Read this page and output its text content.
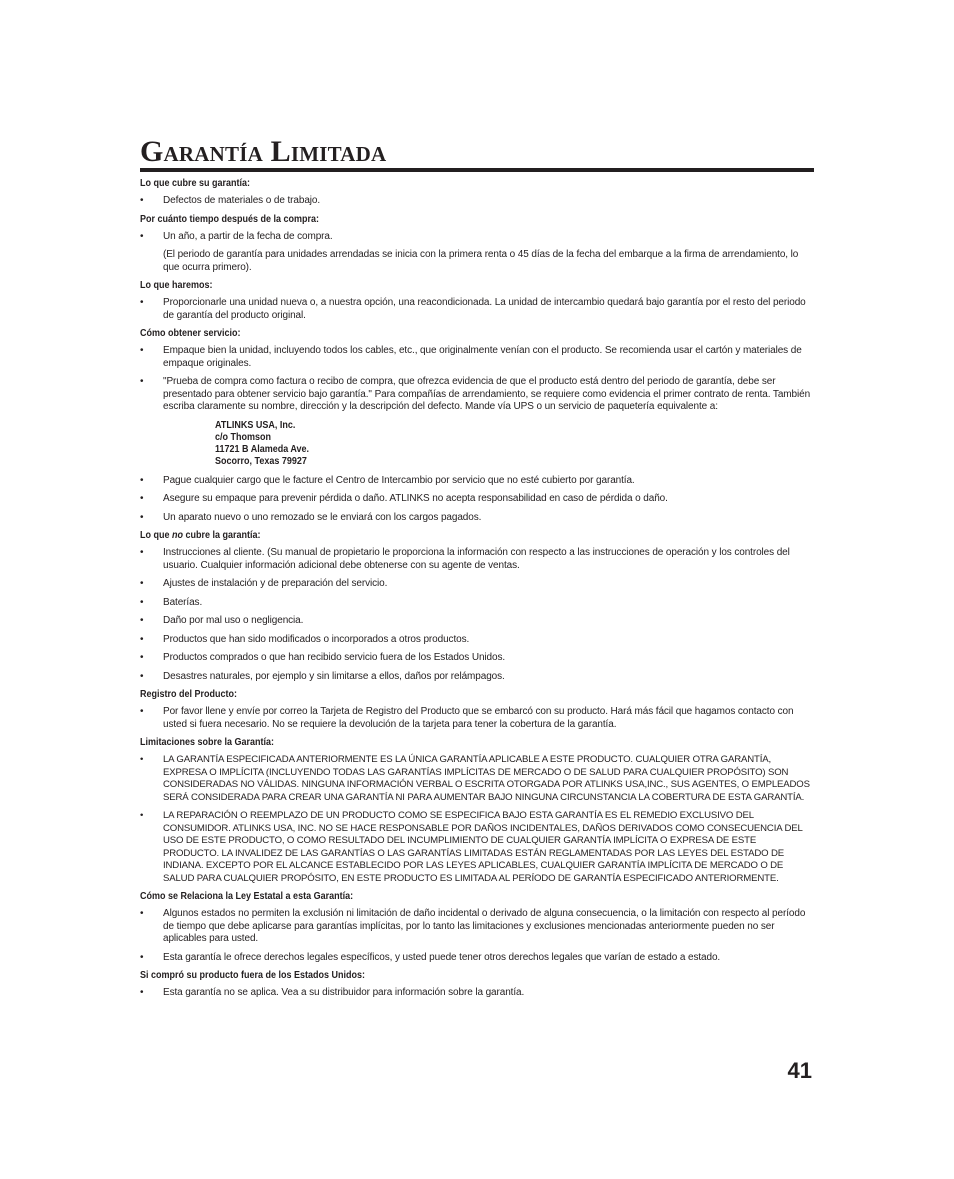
Garantía Limitada
Lo que cubre su garantía:
• Defectos de materiales o de trabajo.
Por cuánto tiempo después de la compra:
• Un año, a partir de la fecha de compra.
(El periodo de garantía para unidades arrendadas se inicia con la primera renta o 45 días de la fecha del embarque a la firma de arrendamiento, lo que ocurra primero).
Lo que haremos:
• Proporcionarle una unidad nueva o, a nuestra opción, una reacondicionada. La unidad de intercambio quedará bajo garantía por el resto del periodo de garantía del producto original.
Cómo obtener servicio:
• Empaque bien la unidad, incluyendo todos los cables, etc., que originalmente venían con el producto. Se recomienda usar el cartón y materiales de empaque originales.
• "Prueba de compra como factura o recibo de compra, que ofrezca evidencia de que el producto está dentro del periodo de garantía, debe ser presentado para obtener servicio bajo garantía." Para compañías de arrendamiento, se requiere como evidencia el primer contrato de renta. También escriba claramente su nombre, dirección y la descripción del defecto. Mande vía UPS o un servicio de paquetería equivalente a:
ATLINKS USA, Inc.
c/o Thomson
11721 B Alameda Ave.
Socorro, Texas 79927
• Pague cualquier cargo que le facture el Centro de Intercambio por servicio que no esté cubierto por garantía.
• Asegure su empaque para prevenir pérdida o daño. ATLINKS no acepta responsabilidad en caso de pérdida o daño.
• Un aparato nuevo o uno remozado se le enviará con los cargos pagados.
Lo que no cubre la garantía:
• Instrucciones al cliente. (Su manual de propietario le proporciona la información con respecto a las instrucciones de operación y los controles del usuario. Cualquier información adicional debe obtenerse con su agente de ventas.
• Ajustes de instalación y de preparación del servicio.
• Baterías.
• Daño por mal uso o negligencia.
• Productos que han sido modificados o incorporados a otros productos.
• Productos comprados o que han recibido servicio fuera de los Estados Unidos.
• Desastres naturales, por ejemplo y sin limitarse a ellos, daños por relámpagos.
Registro del Producto:
• Por favor llene y envíe por correo la Tarjeta de Registro del Producto que se embarcó con su producto. Hará más fácil que hagamos contacto con usted si fuera necesario. No se requiere la devolución de la tarjeta para tener la cobertura de la garantía.
Limitaciones sobre la Garantía:
• LA GARANTÍA ESPECIFICADA ANTERIORMENTE ES LA ÚNICA GARANTÍA APLICABLE A ESTE PRODUCTO. CUALQUIER OTRA GARANTÍA, EXPRESA O IMPLÍCITA (INCLUYENDO TODAS LAS GARANTÍAS IMPLÍCITAS DE MERCADO O DE SALUD PARA CUALQUIER PROPÓSITO) SON CONSIDERADAS NO VÁLIDAS. NINGUNA INFORMACIÓN VERBAL O ESCRITA OTORGADA POR ATLINKS USA,INC., SUS AGENTES, O EMPLEADOS SERÁ CONSIDERADA PARA CREAR UNA GARANTÍA NI PARA AUMENTAR BAJO NINGUNA CIRCUNSTANCIA LA COBERTURA DE ESTA GARANTÍA.
• LA REPARACIÓN O REEMPLAZO DE UN PRODUCTO COMO SE ESPECIFICA BAJO ESTA GARANTÍA ES EL REMEDIO EXCLUSIVO DEL CONSUMIDOR. ATLINKS USA, INC. NO SE HACE RESPONSABLE POR DAÑOS INCIDENTALES, DAÑOS DERIVADOS COMO CONSECUENCIA DEL USO DE ESTE PRODUCTO, O COMO RESULTADO DEL INCUMPLIMIENTO DE CUALQUIER GARANTÍA IMPLÍCITA O EXPRESA DE ESTE PRODUCTO. LA INVALIDEZ DE LAS GARANTÍAS O LAS GARANTÍAS LIMITADAS ESTÁN REGLAMENTADAS POR LAS LEYES DEL ESTADO DE INDIANA. EXCEPTO POR EL ALCANCE ESTABLECIDO POR LAS LEYES APLICABLES, CUALQUIER GARANTÍA IMPLÍCITA DE MERCADO O DE SALUD PARA CUALQUIER PROPÓSITO, EN ESTE PRODUCTO ES LIMITADA AL PERÍODO DE GARANTÍA ESPECIFICADO ANTERIORMENTE.
Cómo se Relaciona la Ley Estatal a esta Garantía:
• Algunos estados no permiten la exclusión ni limitación de daño incidental o derivado de alguna consecuencia, o la limitación con respecto al período de tiempo que debe aplicarse para garantías implícitas, por lo tanto las limitaciones y exclusiones mencionadas anteriormente pueden no ser aplicables para usted.
• Esta garantía le ofrece derechos legales específicos, y usted puede tener otros derechos legales que varían de estado a estado.
Si compró su producto fuera de los Estados Unidos:
• Esta garantía no se aplica. Vea a su distribuidor para información sobre la garantía.
41
